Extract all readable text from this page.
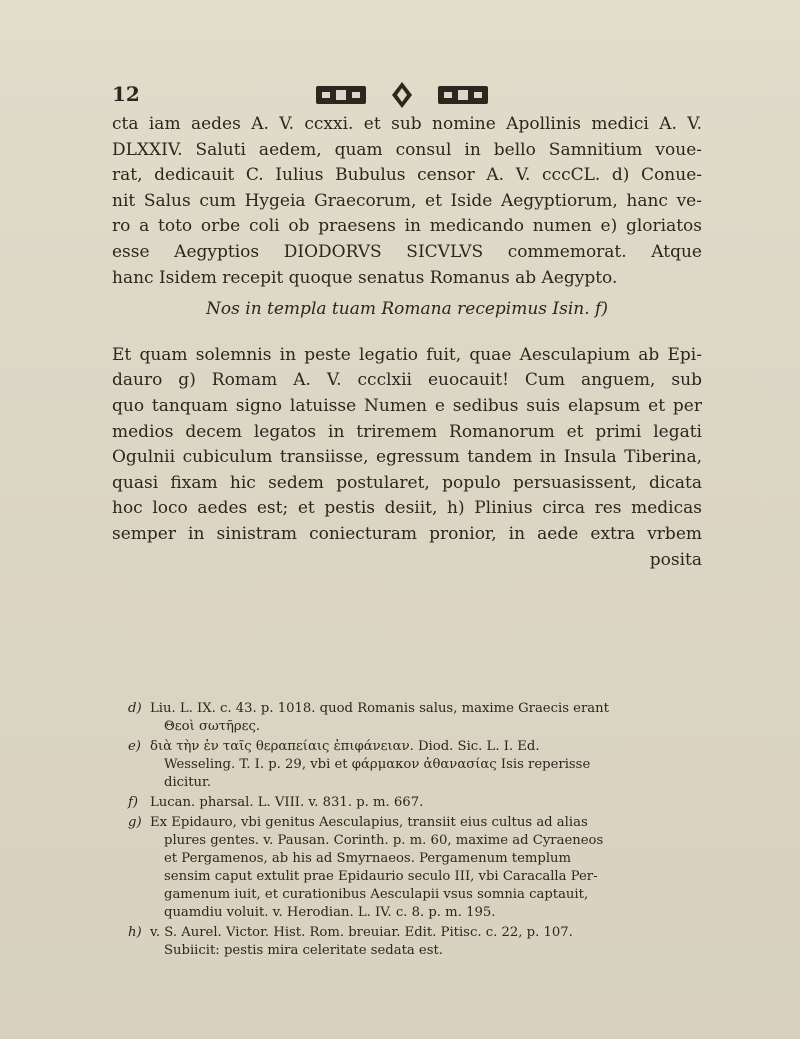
12
cta iam aedes A. V. ccxxi. et sub nomine Apollinis medici A. V.
DLXXIV. Saluti aedem, quam consul in bello Samnitium voue-
rat, dedicauit C. Iulius Bubulus censor A. V. cccCL. d) Conue-
nit Salus cum Hygeia Graecorum, et Iside Aegyptiorum, hanc ve-
ro a toto orbe coli ob praesens in medicando numen e) gloriatos
esse Aegyptios DIODORVS SICVLVS commemorat. Atque
hanc Isidem recepit quoque senatus Romanus ab Aegypto.
Nos in templa tuam Romana recepimus Isin. f)
Et quam solemnis in peste legatio fuit, quae Aesculapium ab Epi-
dauro g) Romam A. V. ccclxii euocauit! Cum anguem, sub
quo tanquam signo latuisse Numen e sedibus suis elapsum et per
medios decem legatos in triremem Romanorum et primi legati
Ogulnii cubiculum transiisse, egressum tandem in Insula Tiberina,
quasi fixam hic sedem postularet, populo persuasissent, dicata
hoc loco aedes est; et pestis desiit, h) Plinius circa res medicas
semper in sinistram coniecturam pronior, in aede extra vrbem
posita
d) Liu. L. IX. c. 43. p. 1018. quod Romanis salus, maxime Graecis erant
Θεοὶ σωτῆρες.
e) διὰ τὴν ἐν ταῖς θεραπείαις ἐπιφάνειαν. Diod. Sic. L. I. Ed.
Wesseling. T. I. p. 29, vbi et φάρμακον ἀθανασίας Isis reperisse
dicitur.
f) Lucan. pharsal. L. VIII. v. 831. p. m. 667.
g) Ex Epidauro, vbi genitus Aesculapius, transiit eius cultus ad alias
plures gentes. v. Pausan. Corinth. p. m. 60, maxime ad Cyraeneos
et Pergamenos, ab his ad Smyrnaeos. Pergamenum templum
sensim caput extulit prae Epidaurio seculo III, vbi Caracalla Per-
gamenum iuit, et curationibus Aesculapii vsus somnia captauit,
quamdiu voluit. v. Herodian. L. IV. c. 8. p. m. 195.
h) v. S. Aurel. Victor. Hist. Rom. breuiar. Edit. Pitisc. c. 22, p. 107.
Subiicit: pestis mira celeritate sedata est.
